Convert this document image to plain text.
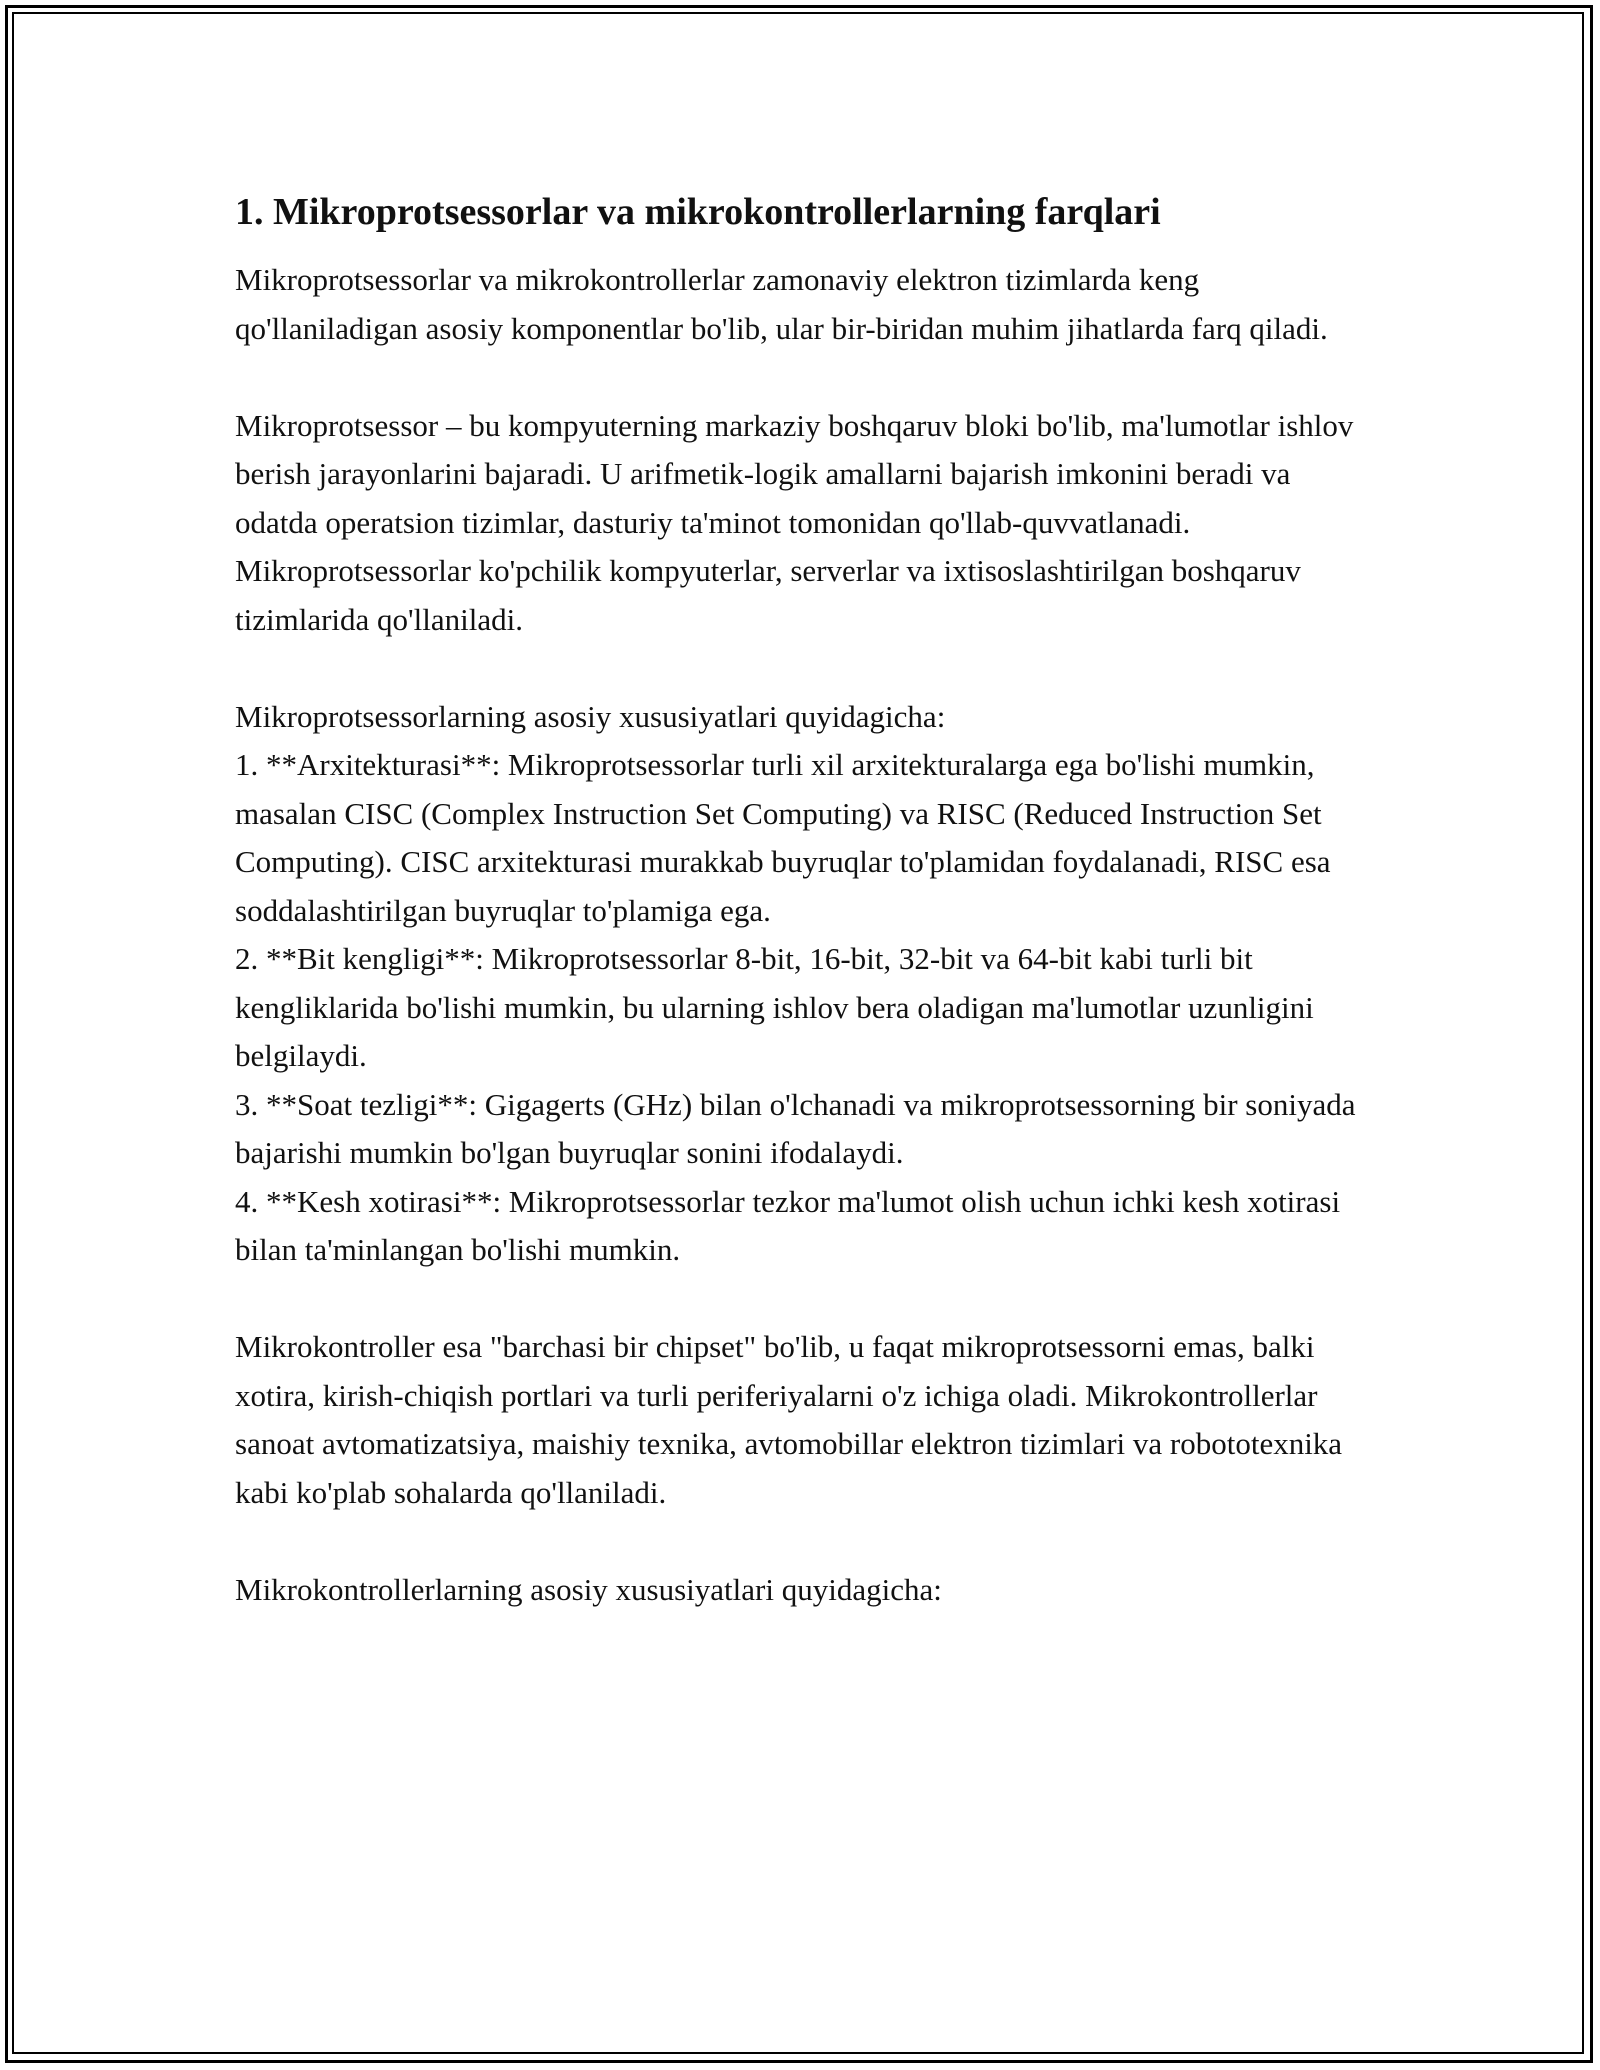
1. Mikroprotsessorlar va mikrokontrollerlarning farqlari

Mikroprotsessorlar va mikrokontrollerlar zamonaviy elektron tizimlarda keng qo'llaniladigan asosiy komponentlar bo'lib, ular bir-biridan muhim jihatlarda farq qiladi.

Mikroprotsessor – bu kompyuterning markaziy boshqaruv bloki bo'lib, ma'lumotlar ishlov berish jarayonlarini bajaradi. U arifmetik-logik amallarni bajarish imkonini beradi va odatda operatsion tizimlar, dasturiy ta'minot tomonidan qo'llab-quvvatlanadi. Mikroprotsessorlar ko'pchilik kompyuterlar, serverlar va ixtisoslashtirilgan boshqaruv tizimlarida qo'llaniladi.

Mikroprotsessorlarning asosiy xususiyatlari quyidagicha:
1. **Arxitekturasi**: Mikroprotsessorlar turli xil arxitekturalarga ega bo'lishi mumkin, masalan CISC (Complex Instruction Set Computing) va RISC (Reduced Instruction Set Computing). CISC arxitekturasi murakkab buyruqlar to'plamidan foydalanadi, RISC esa soddalashtirilgan buyruqlar to'plamiga ega.
2. **Bit kengligi**: Mikroprotsessorlar 8-bit, 16-bit, 32-bit va 64-bit kabi turli bit kengliklarida bo'lishi mumkin, bu ularning ishlov bera oladigan ma'lumotlar uzunligini belgilaydi.
3. **Soat tezligi**: Gigagerts (GHz) bilan o'lchanadi va mikroprotsessorning bir soniyada bajarishi mumkin bo'lgan buyruqlar sonini ifodalaydi.
4. **Kesh xotirasi**: Mikroprotsessorlar tezkor ma'lumot olish uchun ichki kesh xotirasi bilan ta'minlangan bo'lishi mumkin.

Mikrokontroller esa "barchasi bir chipset" bo'lib, u faqat mikroprotsessorni emas, balki xotira, kirish-chiqish portlari va turli periferiyalarni o'z ichiga oladi. Mikrokontrollerlar sanoat avtomatizatsiya, maishiy texnika, avtomobillar elektron tizimlari va robototexnika kabi ko'plab sohalarda qo'llaniladi.

Mikrokontrollerlarning asosiy xususiyatlari quyidagicha:
